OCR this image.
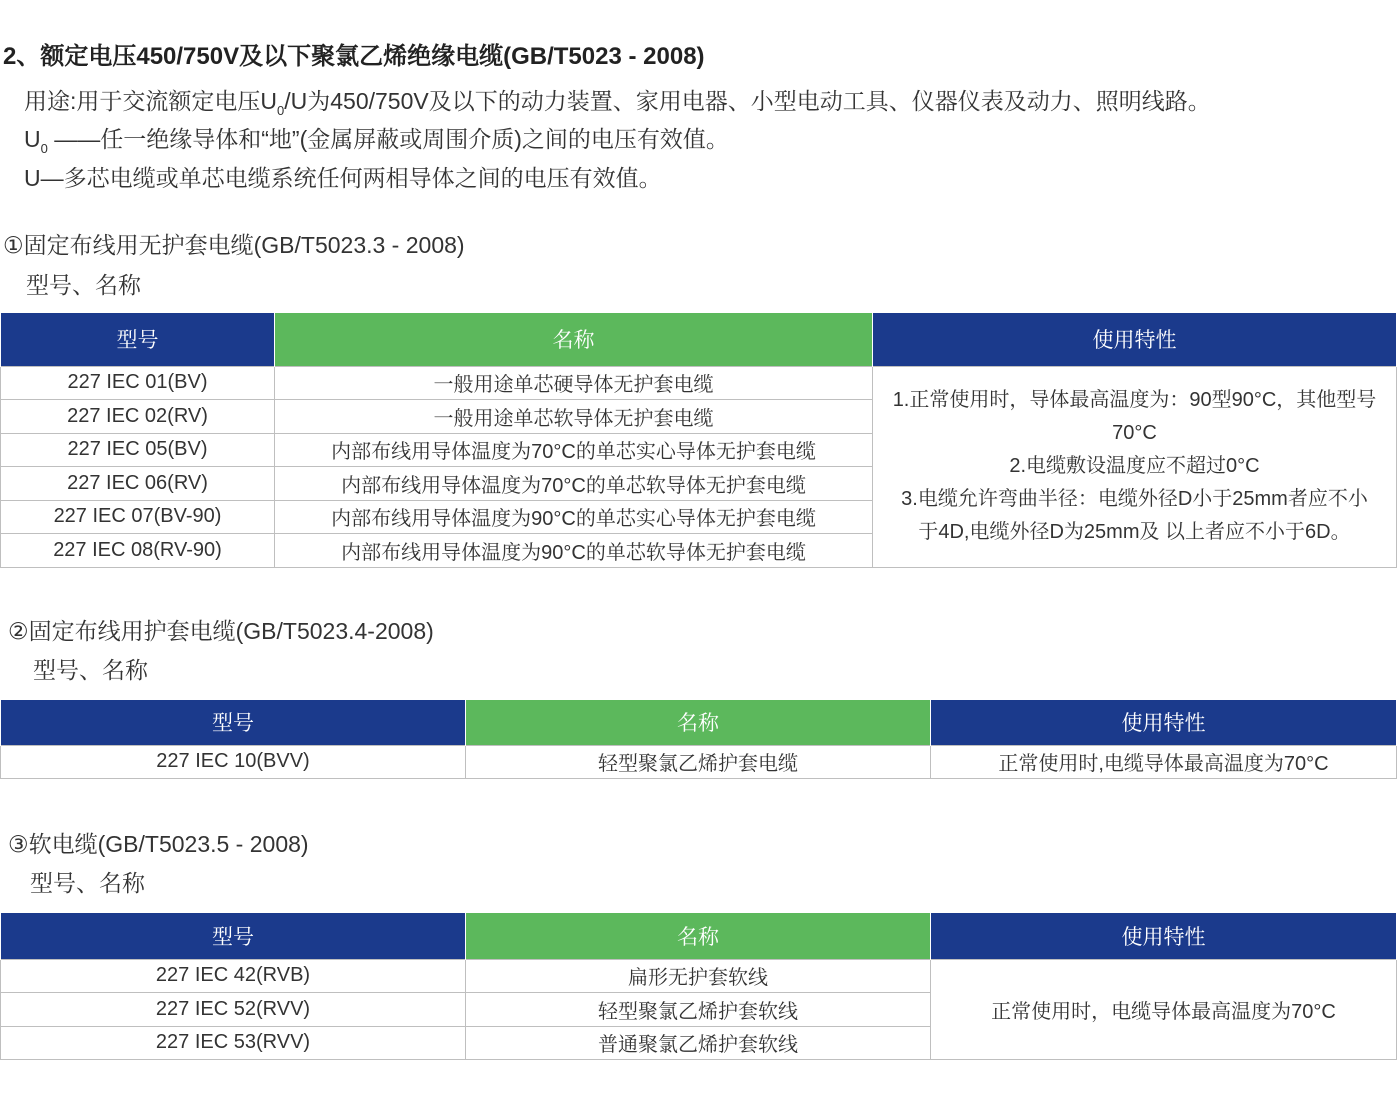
2、额定电压450/750V及以下聚氯乙烯绝缘电缆(GB/T5023 - 2008)
用途:用于交流额定电压$U_0/U$为450/750V及以下的动力装置、家用电器、小型电动工具、仪器仪表及动力、照明线路。
$U_0$ ——任一绝缘导体和“地”(金属屏蔽或周围介质)之间的电压有效值。
U—多芯电缆或单芯电缆系统任何两相导体之间的电压有效值。
①固定布线用无护套电缆(GB/T5023.3 - 2008)
型号、名称
型号	名称	使用特性
227 IEC 01(BV)	一般用途单芯硬导体无护套电缆	1.正常使用时，导体最高温度为：90型90°C，其他型号
70°C
2.电缆敷设温度应不超过0°C
3.电缆允许弯曲半径：电缆外径D小于25mm者应不小
于4D,电缆外径D为25mm及 以上者应不小于6D。

227 IEC 02(RV)	一般用途单芯软导体无护套电缆	
227 IEC 05(BV)	内部布线用导体温度为70°C的单芯实心导体无护套电缆	
227 IEC 06(RV)	内部布线用导体温度为70°C的单芯软导体无护套电缆	
227 IEC 07(BV-90)	内部布线用导体温度为90°C的单芯实心导体无护套电缆	
227 IEC 08(RV-90)	内部布线用导体温度为90°C的单芯软导体无护套电缆	
②固定布线用护套电缆(GB/T5023.4-2008)
型号、名称
型号	名称	使用特性
227 IEC 10(BVV)	轻型聚氯乙烯护套电缆	正常使用时,电缆导体最高温度为70°C
③软电缆(GB/T5023.5 - 2008)
型号、名称
型号	名称	使用特性
227 IEC 42(RVB)	扁形无护套软线	正常使用时，电缆导体最高温度为70°C
227 IEC 52(RVV)	轻型聚氯乙烯护套软线	
227 IEC 53(RVV)	普通聚氯乙烯护套软线	
